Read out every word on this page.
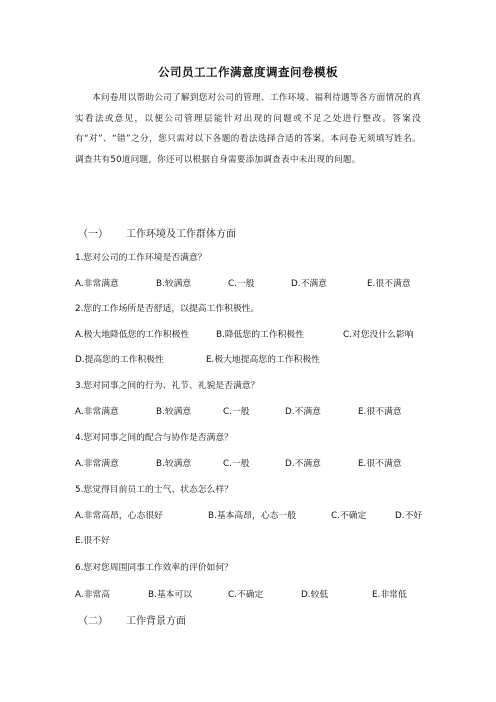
公司员工工作满意度调查问卷模板
本问卷用以帮助公司了解到您对公司的管理、工作环境、福利待遇等各方面情况的真实看法或意见，以便公司管理层能针对出现的问题或不足之处进行整改。答案没有“对”、“错”之分，您只需对以下各题的看法选择合适的答案，本问卷无须填写姓名。调查共有50道问题，你还可以根据自身需要添加调查表中未出现的问题。
（一） 工作环境及工作群体方面
1.您对公司的工作环境是否满意？
A.非常满意	B.较满意	C.一般	D.不满意	E.很不满意
2.您的工作场所是否舒适，以提高工作积极性。
A.极大地降低您的工作积极性	B.降低您的工作积极性	C.对您没什么影响
D.提高您的工作积极性	E.极大地提高您的工作积极性
3.您对同事之间的行为、礼节、礼貌是否满意？
A.非常满意	B.较满意	C.一般	D.不满意	E.很不满意
4.您对同事之间的配合与协作是否满意？
A.非常满意	B.较满意	C.一般	D.不满意	E.很不满意
5.您觉得目前员工的士气、状态怎么样？
A.非常高昂，心态很好	B.基本高昂，心态一般	C.不确定	D.不好
E.很不好
6.您对您周围同事工作效率的评价如何？
A.非常高	B.基本可以	C.不确定	D.较低	E.非常低
（二） 工作背景方面
